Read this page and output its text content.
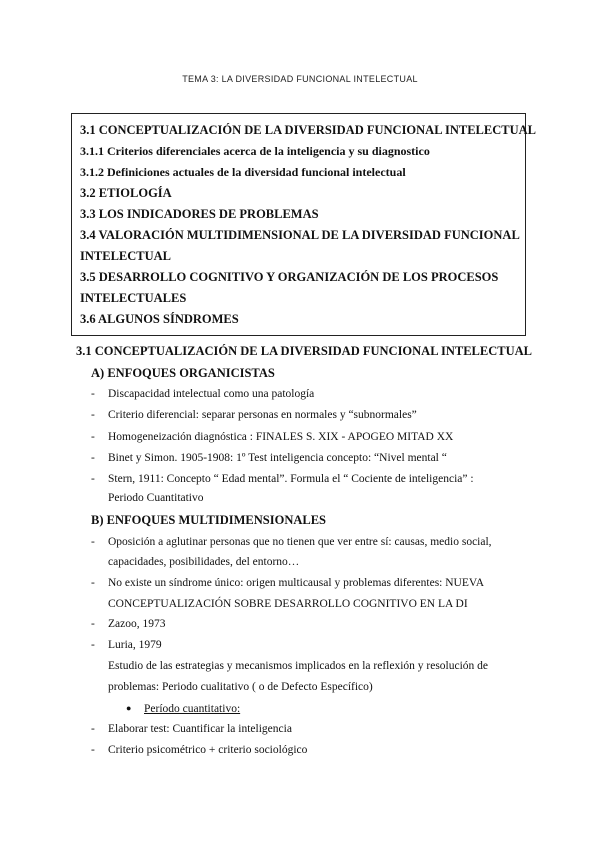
TEMA 3: LA DIVERSIDAD FUNCIONAL INTELECTUAL
3.1 CONCEPTUALIZACIÓN DE LA DIVERSIDAD FUNCIONAL INTELECTUAL
3.1.1 Criterios diferenciales acerca de la inteligencia y su diagnostico
3.1.2 Definiciones actuales de la diversidad funcional intelectual
3.2 ETIOLOGÍA
3.3 LOS INDICADORES DE PROBLEMAS
3.4 VALORACIÓN MULTIDIMENSIONAL DE LA DIVERSIDAD FUNCIONAL
INTELECTUAL
3.5 DESARROLLO COGNITIVO Y ORGANIZACIÓN DE LOS PROCESOS
INTELECTUALES
3.6 ALGUNOS SÍNDROMES
3.1 CONCEPTUALIZACIÓN DE LA DIVERSIDAD FUNCIONAL INTELECTUAL
A) ENFOQUES ORGANICISTAS
- Discapacidad intelectual como una patología
- Criterio diferencial: separar personas en normales y “subnormales”
- Homogeneización diagnóstica : FINALES S. XIX - APOGEO MITAD XX
- Binet y Simon. 1905-1908: 1º Test inteligencia concepto: “Nivel mental “
- Stern, 1911: Concepto “ Edad mental”. Formula el “ Cociente de inteligencia” :
Periodo Cuantitativo
B) ENFOQUES MULTIDIMENSIONALES
- Oposición a aglutinar personas que no tienen que ver entre sí: causas, medio social,
capacidades, posibilidades, del entorno…
- No existe un síndrome único: origen multicausal y problemas diferentes: NUEVA
CONCEPTUALIZACIÓN SOBRE DESARROLLO COGNITIVO EN LA DI
- Zazoo, 1973
- Luria, 1979
Estudio de las estrategias y mecanismos implicados en la reflexión y resolución de
problemas: Periodo cualitativo ( o de Defecto Específico)
● Período cuantitativo:
- Elaborar test: Cuantificar la inteligencia
- Criterio psicométrico + criterio sociológico
